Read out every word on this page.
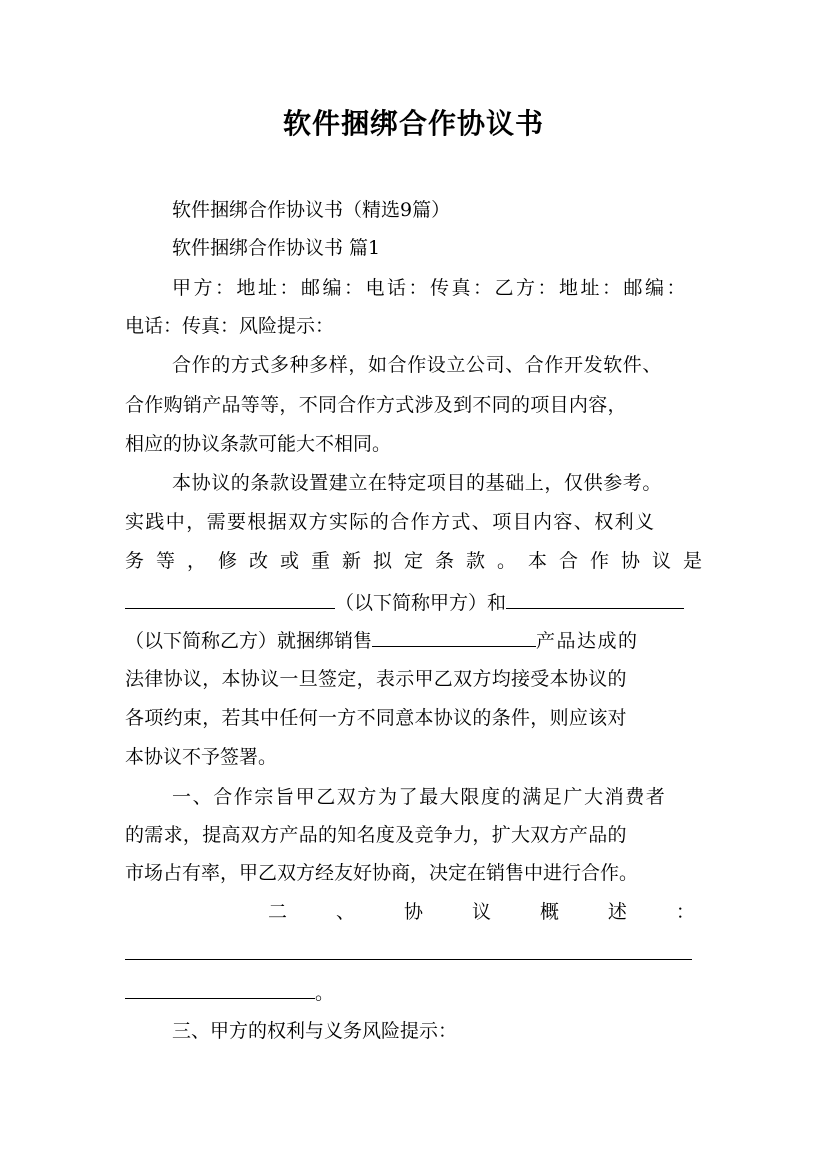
软件捆绑合作协议书
软件捆绑合作协议书（精选9篇）
软件捆绑合作协议书 篇1
甲方：地址：邮编：电话：传真：乙方：地址：邮编：
电话：传真：风险提示：
合作的方式多种多样，如合作设立公司、合作开发软件、
合作购销产品等等，不同合作方式涉及到不同的项目内容，
相应的协议条款可能大不相同。
本协议的条款设置建立在特定项目的基础上，仅供参考。
实践中，需要根据双方实际的合作方式、项目内容、权利义
务等，修改或重新拟定条款。 本合作协议是
（以下简称甲方）和
（以下简称乙方）就捆绑销售	产品达成的
法律协议，本协议一旦签定，表示甲乙双方均接受本协议的
各项约束，若其中任何一方不同意本协议的条件，则应该对
本协议不予签署。
一、合作宗旨甲乙双方为了最大限度的满足广大消费者
的需求，提高双方产品的知名度及竞争力，扩大双方产品的
市场占有率，甲乙双方经友好协商，决定在销售中进行合作。
二	、	协	议	概	述	：
。
三、甲方的权利与义务风险提示：
